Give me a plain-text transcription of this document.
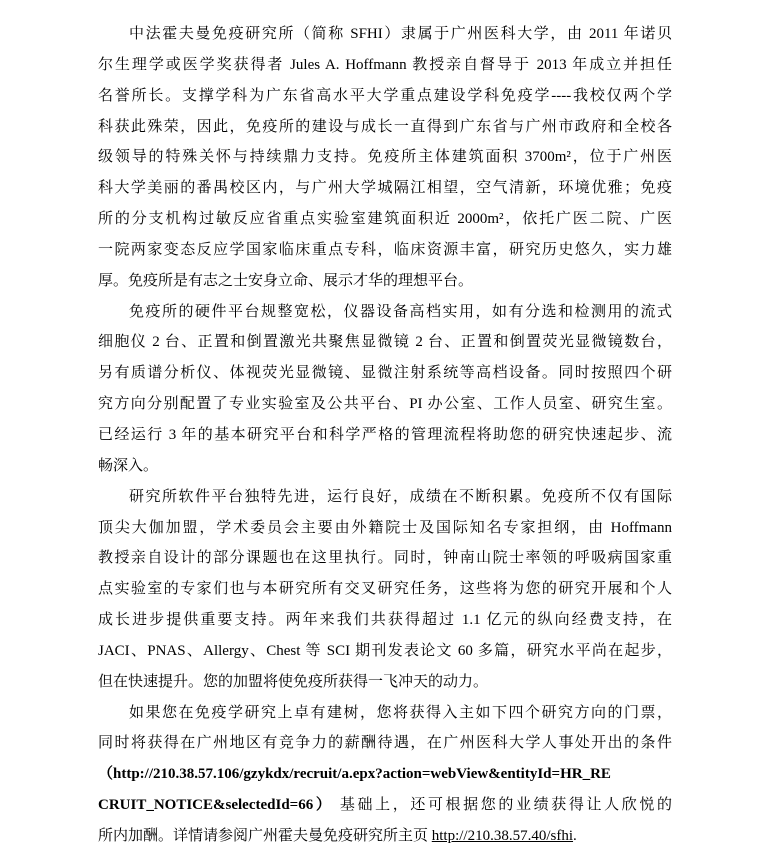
中法霍夫曼免疫研究所（简称 SFHI）隶属于广州医科大学，由 2011 年诺贝
尔生理学或医学奖获得者 Jules A. Hoffmann 教授亲自督导于 2013 年成立并担任
名誉所长。支撑学科为广东省高水平大学重点建设学科免疫学----我校仅两个学
科获此殊荣，因此，免疫所的建设与成长一直得到广东省与广州市政府和全校各
级领导的特殊关怀与持续鼎力支持。免疫所主体建筑面积 3700m²，位于广州医
科大学美丽的番禺校区内，与广州大学城隔江相望，空气清新，环境优雅；免疫
所的分支机构过敏反应省重点实验室建筑面积近 2000m²，依托广医二院、广医
一院两家变态反应学国家临床重点专科，临床资源丰富，研究历史悠久，实力雄
厚。免疫所是有志之士安身立命、展示才华的理想平台。
免疫所的硬件平台规整宽松，仪器设备高档实用，如有分选和检测用的流式
细胞仪 2 台、正置和倒置激光共聚焦显微镜 2 台、正置和倒置荧光显微镜数台，
另有质谱分析仪、体视荧光显微镜、显微注射系统等高档设备。同时按照四个研
究方向分别配置了专业实验室及公共平台、PI 办公室、工作人员室、研究生室。
已经运行 3 年的基本研究平台和科学严格的管理流程将助您的研究快速起步、流
畅深入。
研究所软件平台独特先进，运行良好，成绩在不断积累。免疫所不仅有国际
顶尖大伽加盟，学术委员会主要由外籍院士及国际知名专家担纲，由 Hoffmann
教授亲自设计的部分课题也在这里执行。同时，钟南山院士率领的呼吸病国家重
点实验室的专家们也与本研究所有交叉研究任务，这些将为您的研究开展和个人
成长进步提供重要支持。两年来我们共获得超过 1.1 亿元的纵向经费支持，在
JACI、PNAS、Allergy、Chest 等 SCI 期刊发表论文 60 多篇，研究水平尚在起步，
但在快速提升。您的加盟将使免疫所获得一飞冲天的动力。
如果您在免疫学研究上卓有建树，您将获得入主如下四个研究方向的门票，
同时将获得在广州地区有竞争力的薪酬待遇，在广州医科大学人事处开出的条件
（http://210.38.57.106/gzykdx/recruit/a.epx?action=webView&entityId=HR_RE
CRUIT_NOTICE&selectedId=66） 基础上，还可根据您的业绩获得让人欣悦的
所内加酬。详情请参阅广州霍夫曼免疫研究所主页 http://210.38.57.40/sfhi.
